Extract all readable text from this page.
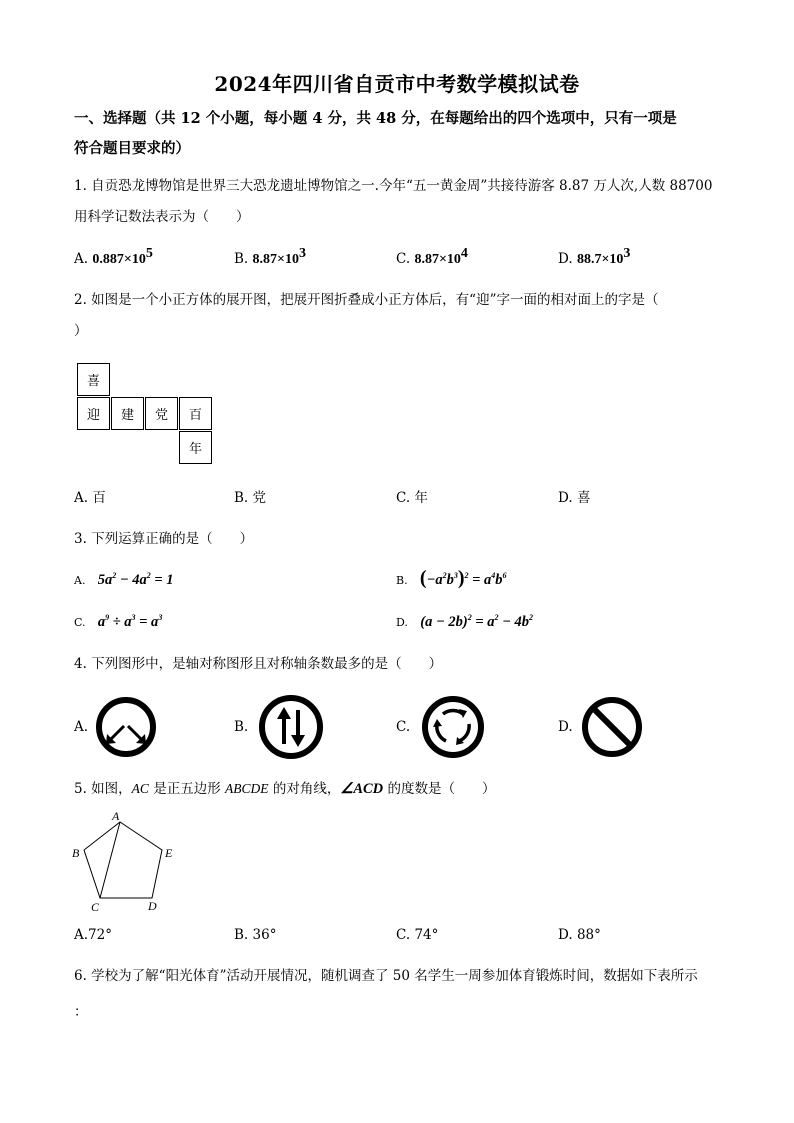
2024年四川省自贡市中考数学模拟试卷
一、选择题（共 12 个小题，每小题 4 分，共 48 分，在每题给出的四个选项中，只有一项是
符合题目要求的）
1. 自贡恐龙博物馆是世界三大恐龙遗址博物馆之一.今年“五一黄金周”共接待游客 8.87 万人次,人数 88700
用科学记数法表示为（　　）
A. $0.887\times 10^5$	B. $8.87\times 10^3$	C. $8.87\times 10^4$	D. $88.7\times 10^3$
2. 如图是一个小正方体的展开图，把展开图折叠成小正方体后，有“迎”字一面的相对面上的字是（
）
喜
迎	建	党	百
年
A. 百	B. 党	C. 年	D. 喜
3. 下列运算正确的是（　　）
A. $5a^2 - 4a^2 = 1$	B. $(-a^2b^3)^2 = a^4b^6$
C. $a^9 \div a^3 = a^3$	D. $(a - 2b)^2 = a^2 - 4b^2$
4. 下列图形中，是轴对称图形且对称轴条数最多的是（　　）
A.	B.	C.	D.
5. 如图，AC 是正五边形 ABCDE 的对角线，∠ACD 的度数是（　　）
A
B
C	D
E
A.72°	B. 36°	C. 74°	D. 88°
6. 学校为了解“阳光体育”活动开展情况，随机调查了 50 名学生一周参加体育锻炼时间，数据如下表所示
：
